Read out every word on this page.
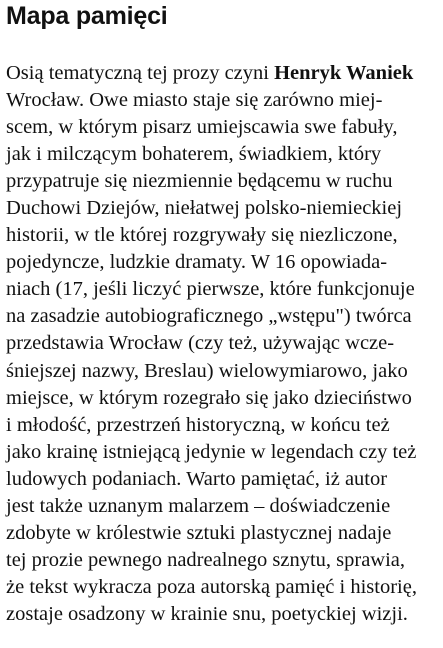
Mapa pamięci
Osią tematyczną tej prozy czyni Henryk Waniek
Wrocław. Owe miasto staje się zarówno miej-
scem, w którym pisarz umiejscawia swe fabuły,
jak i milczącym bohaterem, świadkiem, który
przypatruje się niezmiennie będącemu w ruchu
Duchowi Dziejów, niełatwej polsko-niemieckiej
historii, w tle której rozgrywały się niezliczone,
pojedyncze, ludzkie dramaty. W 16 opowiada-
niach (17, jeśli liczyć pierwsze, które funkcjonuje
na zasadzie autobiograficznego „wstępu") twórca
przedstawia Wrocław (czy też, używając wcze-
śniejszej nazwy, Breslau) wielowymiarowo, jako
miejsce, w którym rozegrało się jako dzieciństwo
i młodość, przestrzeń historyczną, w końcu też
jako krainę istniejącą jedynie w legendach czy też
ludowych podaniach. Warto pamiętać, iż autor
jest także uznanym malarzem – doświadczenie
zdobyte w królestwie sztuki plastycznej nadaje
tej prozie pewnego nadrealnego sznytu, sprawia,
że tekst wykracza poza autorską pamięć i historię,
zostaje osadzony w krainie snu, poetyckiej wizji.
